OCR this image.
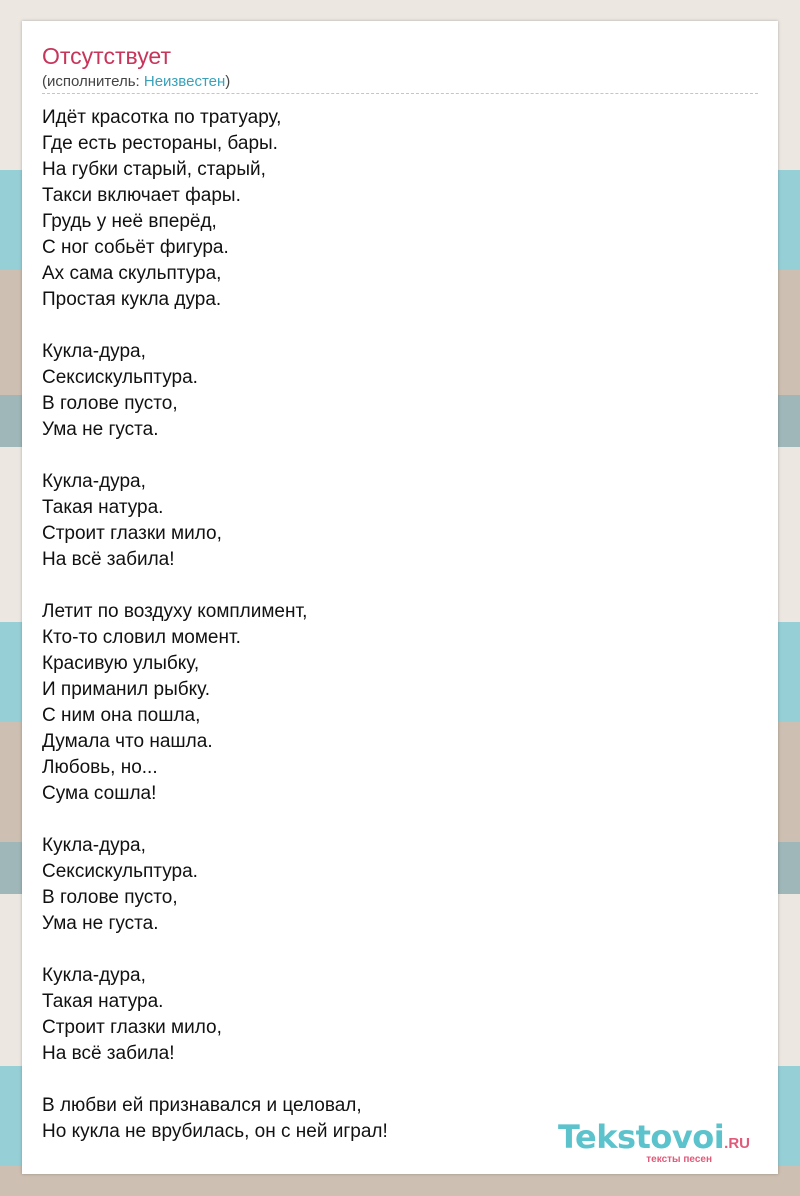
Отсутствует

(исполнитель: Неизвестен)

Идёт красотка по тратуару,
Где есть рестораны, бары.
На губки старый, старый,
Такси включает фары.
Грудь у неё вперёд,
С ног собьёт фигура.
Ах сама скульптура,
Простая кукла дура.
Кукла-дура,
Сексискульптура.
В голове пусто,
Ума не густа.
Кукла-дура,
Такая натура.
Строит глазки мило,
На всё забила!
Летит по воздуху комплимент,
Кто-то словил момент.
Красивую улыбку,
И приманил рыбку.
С ним она пошла,
Думала что нашла.
Любовь, но...
Сума сошла!
Кукла-дура,
Сексискульптура.
В голове пусто,
Ума не густа.
Кукла-дура,
Такая натура.
Строит глазки мило,
На всё забила!
В любви ей признавался и целовал,
Но кукла не врубилась, он с ней играл!	Tekstovoi.RU
тексты песен
